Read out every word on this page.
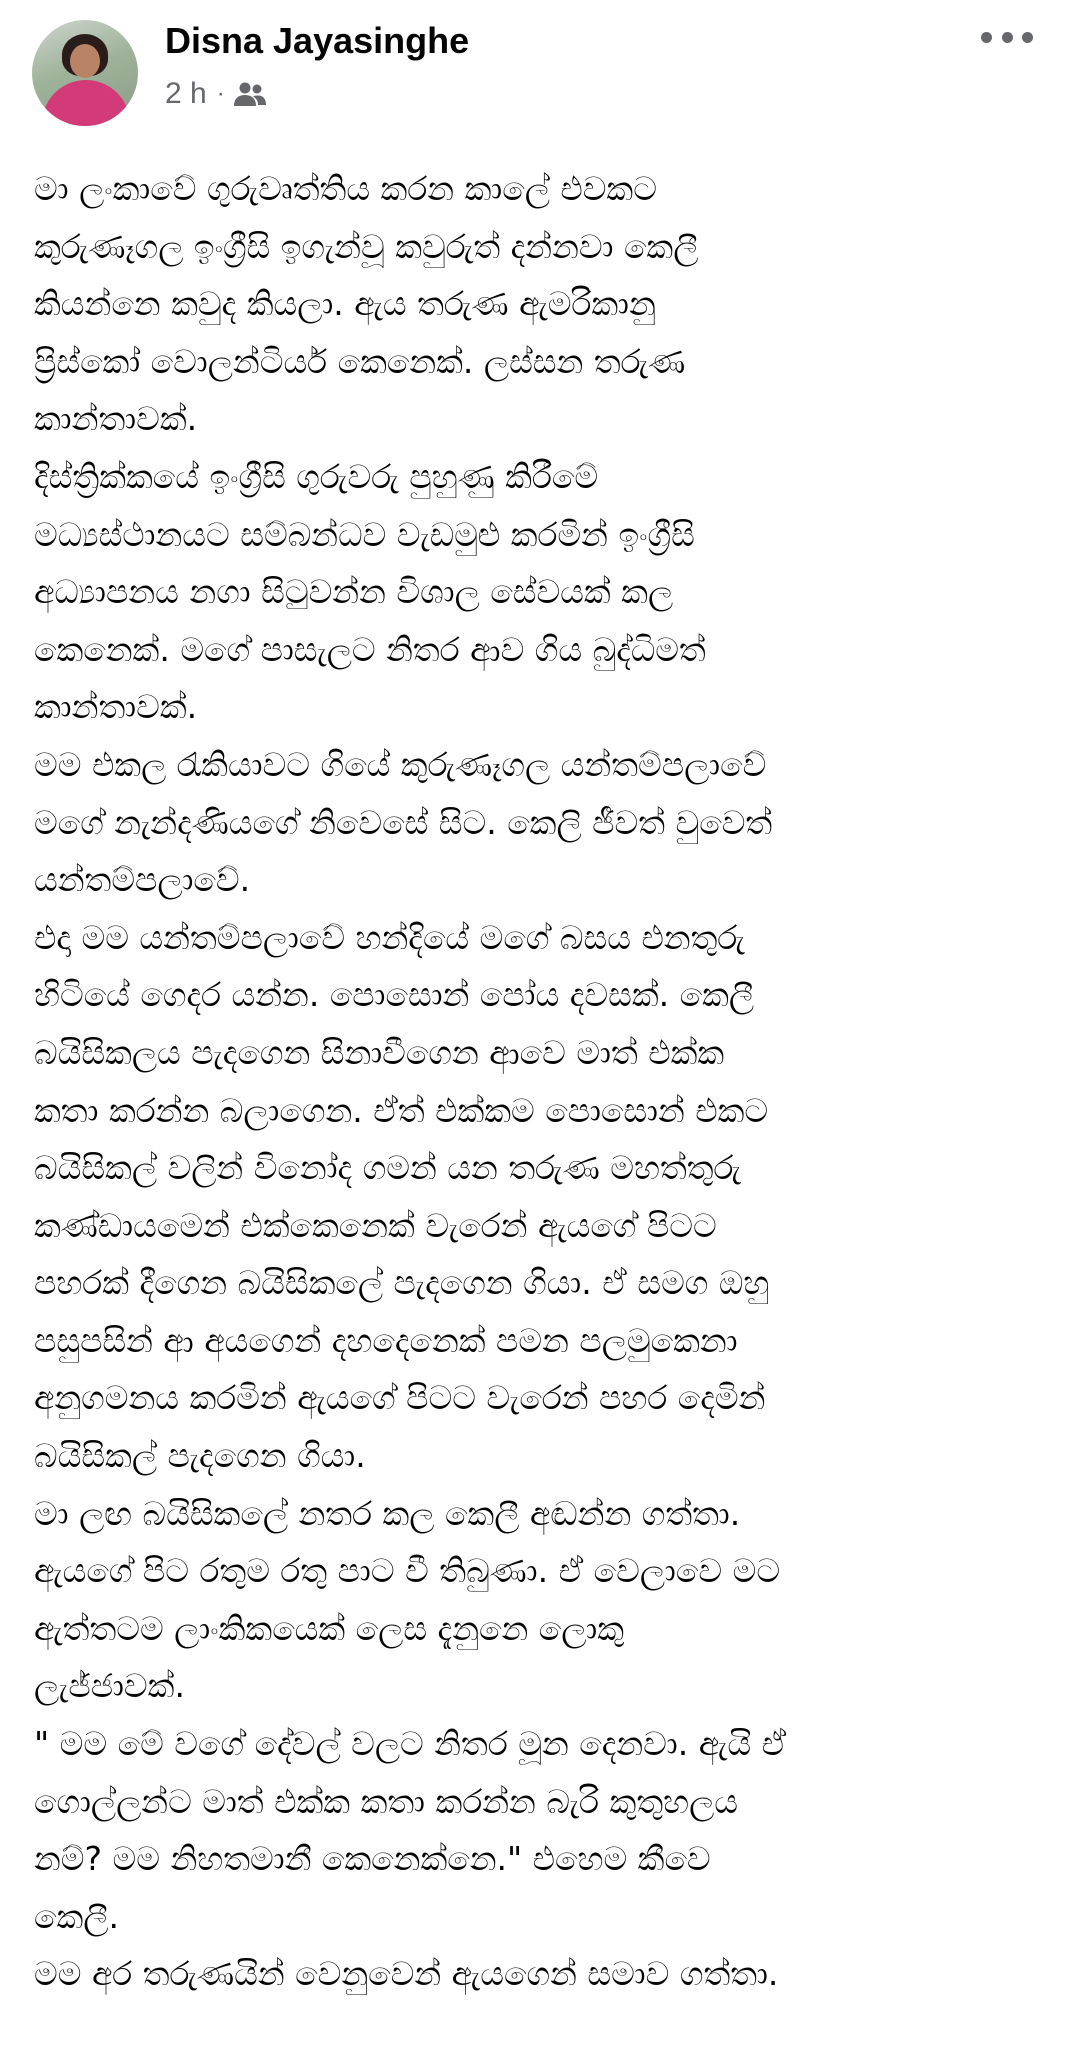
Disna Jayasinghe
2 h ·
මා ලංකාවේ ගුරුවෘත්තිය කරන කාලේ එවකට
කුරුණෑගල ඉංග්‍රීසි ඉගැන්වූ කවුරුත් දන්නවා කෙලී
කියන්නෙ කවුද කියලා. ඇය තරුණ ඇමරිකානු
ප්‍රිස්කෝ වොලන්ටියර් කෙනෙක්. ලස්සන තරුණ
කාන්තාවක්.
දිස්ත්‍රික්කයේ ඉංග්‍රීසි ගුරුවරු පුහුණු කිරීමේ
මධ්‍යස්ථානයට සම්බන්ධව වැඩමුළු කරමින් ඉංග්‍රීසි
අධ්‍යාපනය නගා සිටුවන්න විශාල සේවයක් කල
කෙනෙක්. මගේ පාසැලට නිතර ආව ගිය බුද්ධිමත්
කාන්තාවක්.
මම එකල රැකියාවට ගියේ කුරුණෑගල යන්තම්පලාවේ
මගේ නැන්දණියගේ නිවෙසේ සිට. කෙලි ජීවත් වුවෙත්
යන්තම්පලාවේ.
එදා මම යන්තම්පලාවේ හන්දියේ මගේ බසය එනතුරු
හිටියේ ගෙදර යන්න. පොසොන් පෝය දවසක්. කෙලී
බයිසිකලය පැදගෙන සිනාවීගෙන ආවෙ මාත් එක්ක
කතා කරන්න බලාගෙන. ඒත් එක්කම පොසොන් එකට
බයිසිකල් වලින් විනෝද ගමන් යන තරුණ මහත්තුරු
කණ්ඩායමෙන් එක්කෙනෙක් වැරෙන් ඇයගේ පිටට
පහරක් දීගෙන බයිසිකලේ පැදගෙන ගියා. ඒ සමග ඔහු
පසුපසින් ආ අයගෙන් දහදෙනෙක් පමන පලමුකෙනා
අනුගමනය කරමින් ඇයගේ පිටට වැරෙන් පහර දෙමින්
බයිසිකල් පැදගෙන ගියා.
මා ලඟ බයිසිකලේ නතර කල කෙලී අඬන්න ගත්තා.
ඇයගේ පිට රතුම රතු පාට වී තිබුණා. ඒ වෙලාවෙ මට
ඇත්තටම ලාංකිකයෙක් ලෙස දැනුනෙ ලොකු
ලැජ්ජාවක්.
" මම මේ වගේ දේවල් වලට නිතර මූන දෙනවා. ඇයි ඒ
ගොල්ලන්ට මාත් එක්ක කතා කරන්න බැරි කුතුහලය
නම්? මම නිහතමානී කෙනෙක්නෙ." එහෙම කීවෙ
කෙලී.
මම අර තරුණයින් වෙනුවෙන් ඇයගෙන් සමාව ගත්තා.
